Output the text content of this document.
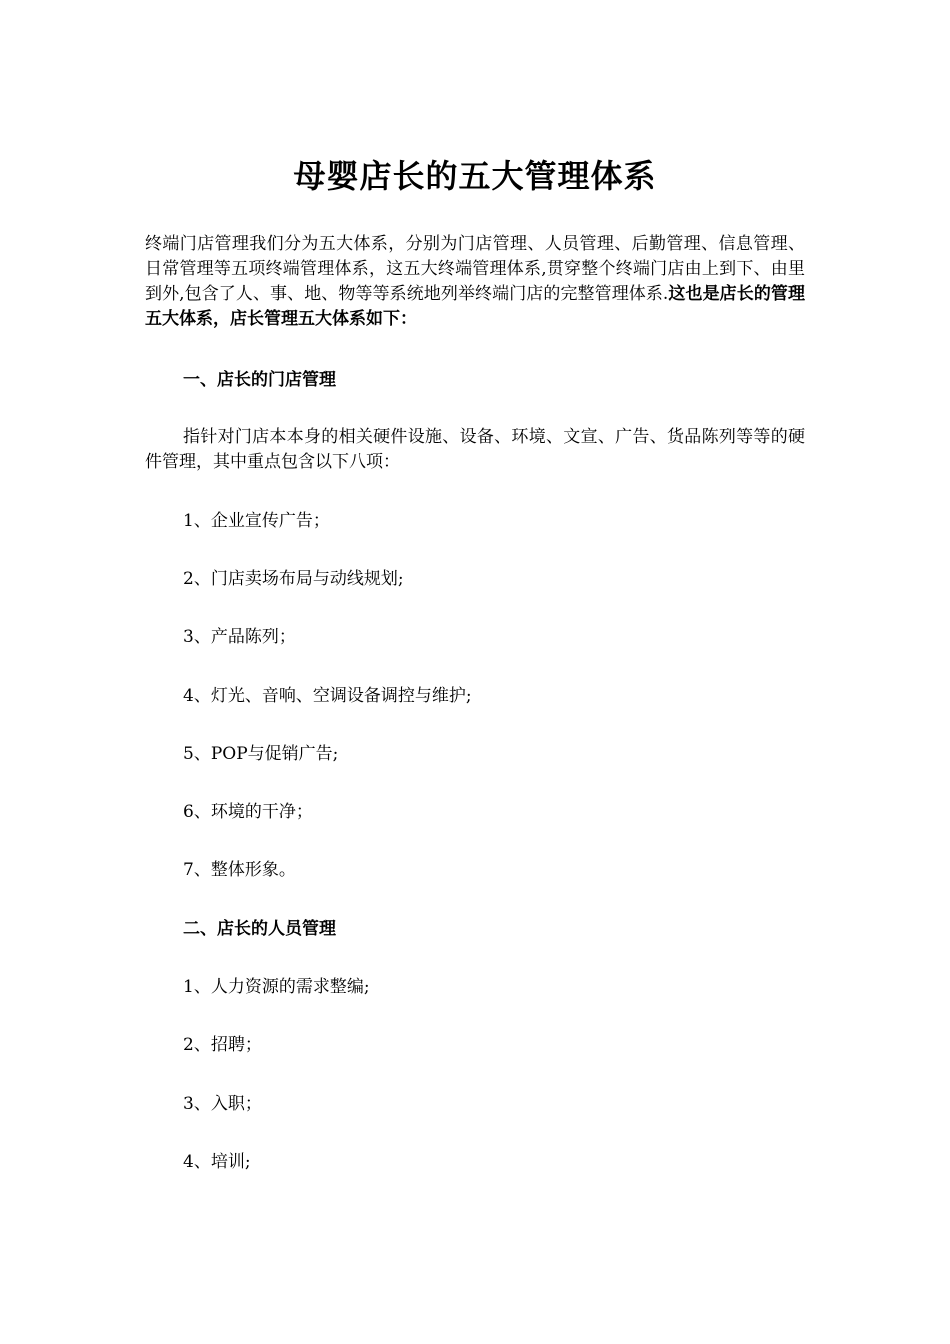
母婴店长的五大管理体系

终端门店管理我们分为五大体系，分别为门店管理、人员管理、后勤管理、信息管理、日常管理等五项终端管理体系，这五大终端管理体系,贯穿整个终端门店由上到下、由里到外,包含了人、事、地、物等等系统地列举终端门店的完整管理体系.这也是店长的管理五大体系，店长管理五大体系如下：

一、店长的门店管理

指针对门店本本身的相关硬件设施、设备、环境、文宣、广告、货品陈列等等的硬件管理，其中重点包含以下八项：

1、企业宣传广告；

2、门店卖场布局与动线规划;

3、产品陈列；

4、灯光、音响、空调设备调控与维护;

5、POP与促销广告;

6、环境的干净；

7、整体形象。

二、店长的人员管理

1、人力资源的需求整编;

2、招聘；

3、入职；

4、培训;
